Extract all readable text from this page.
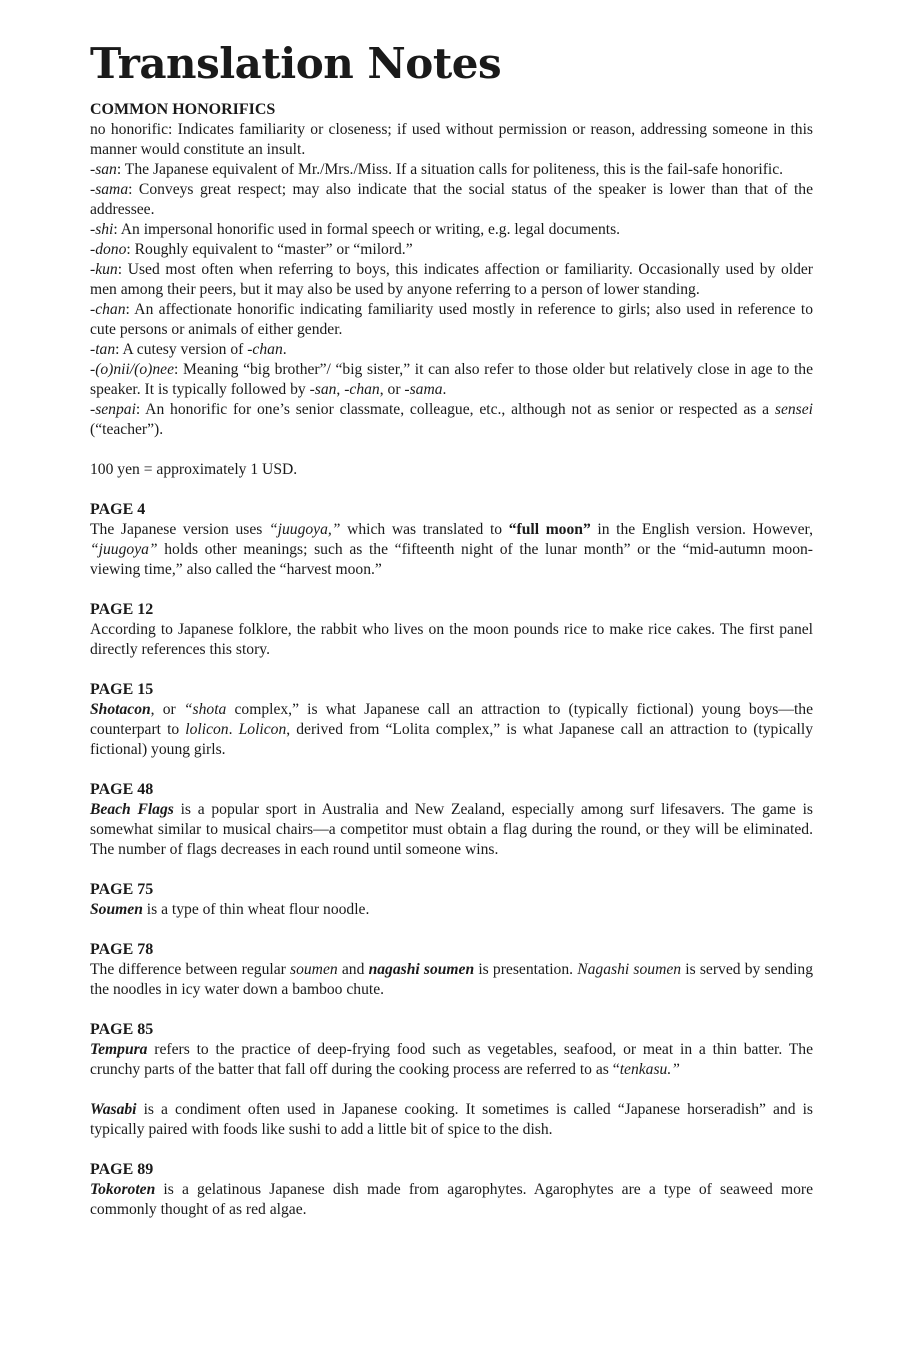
Translation Notes
COMMON HONORIFICS

no honorific: Indicates familiarity or closeness; if used without permission or reason, addressing someone in this manner would constitute an insult.

-san: The Japanese equivalent of Mr./Mrs./Miss. If a situation calls for politeness, this is the fail-safe honorific.

-sama: Conveys great respect; may also indicate that the social status of the speaker is lower than that of the addressee.

-shi: An impersonal honorific used in formal speech or writing, e.g. legal documents.

-dono: Roughly equivalent to “master” or “milord.”

-kun: Used most often when referring to boys, this indicates affection or familiarity. Occasionally used by older men among their peers, but it may also be used by anyone referring to a person of lower standing.

-chan: An affectionate honorific indicating familiarity used mostly in reference to girls; also used in reference to cute persons or animals of either gender.

-tan: A cutesy version of -chan.

-(o)nii/(o)nee: Meaning “big brother”/ “big sister,” it can also refer to those older but relatively close in age to the speaker. It is typically followed by -san, -chan, or -sama.

-senpai: An honorific for one’s senior classmate, colleague, etc., although not as senior or respected as a sensei (“teacher”).

100 yen = approximately 1 USD.

PAGE 4

The Japanese version uses “juugoya,” which was translated to “full moon” in the English version. However, “juugoya” holds other meanings; such as the “fifteenth night of the lunar month” or the “mid-autumn moon-viewing time,” also called the “harvest moon.”

PAGE 12

According to Japanese folklore, the rabbit who lives on the moon pounds rice to make rice cakes. The first panel directly references this story.

PAGE 15

Shotacon, or “shota complex,” is what Japanese call an attraction to (typically fictional) young boys—the counterpart to lolicon. Lolicon, derived from “Lolita complex,” is what Japanese call an attraction to (typically fictional) young girls.

PAGE 48

Beach Flags is a popular sport in Australia and New Zealand, especially among surf lifesavers. The game is somewhat similar to musical chairs—a competitor must obtain a flag during the round, or they will be eliminated. The number of flags decreases in each round until someone wins.

PAGE 75

Soumen is a type of thin wheat flour noodle.

PAGE 78

The difference between regular soumen and nagashi soumen is presentation. Nagashi soumen is served by sending the noodles in icy water down a bamboo chute.

PAGE 85

Tempura refers to the practice of deep-frying food such as vegetables, seafood, or meat in a thin batter. The crunchy parts of the batter that fall off during the cooking process are referred to as “tenkasu.”

Wasabi is a condiment often used in Japanese cooking. It sometimes is called “Japanese horseradish” and is typically paired with foods like sushi to add a little bit of spice to the dish.

PAGE 89

Tokoroten is a gelatinous Japanese dish made from agarophytes. Agarophytes are a type of seaweed more commonly thought of as red algae.
